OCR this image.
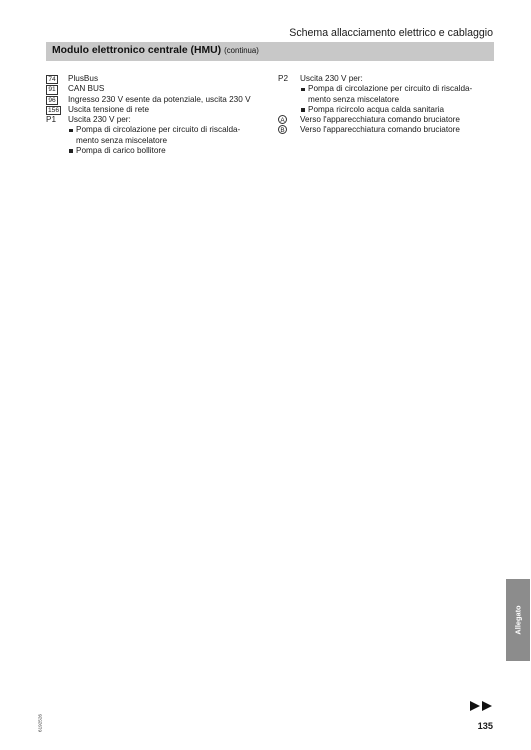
Schema allacciamento elettrico e cablaggio
Modulo elettronico centrale (HMU) (continua)
74 PlusBus
91 CAN BUS
96 Ingresso 230 V esente da potenziale, uscita 230 V
156 Uscita tensione di rete
P1 Uscita 230 V per:
Pompa di circolazione per circuito di riscalda- mento senza miscelatore
Pompa di carico bollitore
P2 Uscita 230 V per:
Pompa di circolazione per circuito di riscalda- mento senza miscelatore
Pompa ricircolo acqua calda sanitaria
A Verso l'apparecchiatura comando bruciatore
B Verso l'apparecchiatura comando bruciatore
Allegato
6192526	135
